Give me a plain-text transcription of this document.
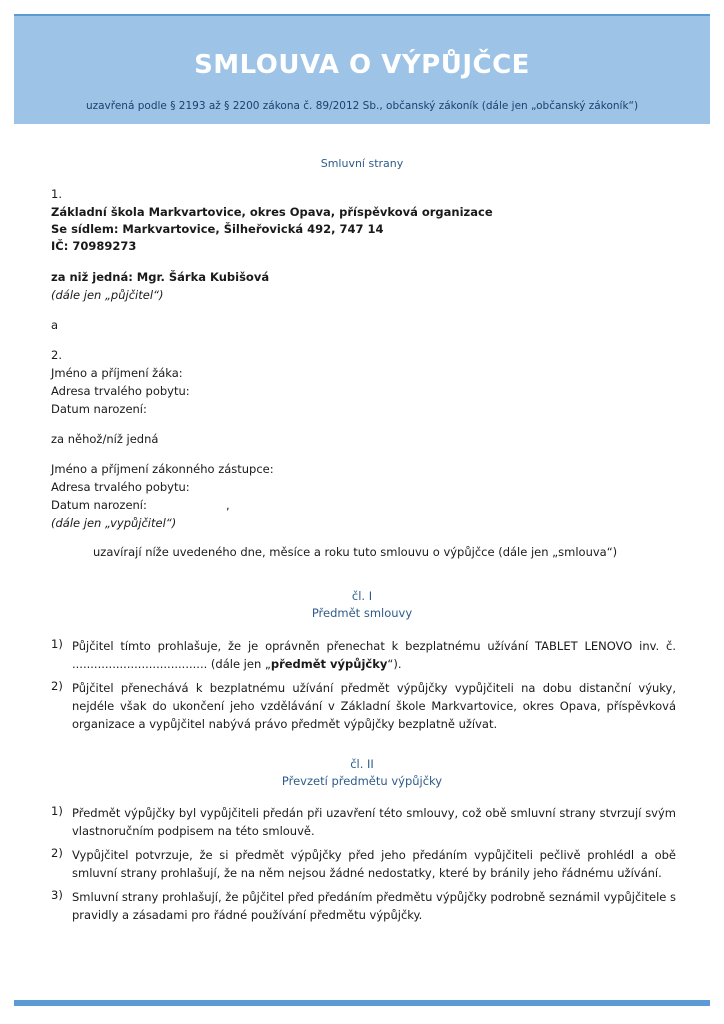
SMLOUVA O VÝPŮJČCE
uzavřená podle § 2193 až § 2200 zákona č. 89/2012 Sb., občanský zákoník (dále jen „občanský zákoník“)
Smluvní strany
1.
Základní škola Markvartovice, okres Opava, příspěvková organizace
Se sídlem: Markvartovice, Šilheřovická 492, 747 14
IČ: 70989273
za niž jedná: Mgr. Šárka Kubišová
(dále jen „půjčitel“)
a
2.
Jméno a příjmení žáka:
Adresa trvalého pobytu:
Datum narození:
za něhož/níž jedná
Jméno a příjmení zákonného zástupce:
Adresa trvalého pobytu:
Datum narození:	,
(dále jen „vypůjčitel“)
uzavírají níže uvedeného dne, měsíce a roku tuto smlouvu o výpůjčce (dále jen „smlouva“)
čl. I
Předmět smlouvy
1) Půjčitel tímto prohlašuje, že je oprávněn přenechat k bezplatnému užívání TABLET LENOVO inv. č.
..................................... (dále jen „předmět výpůjčky“).
2) Půjčitel přenechává k bezplatnému užívání předmět výpůjčky vypůjčiteli na dobu distanční výuky, nejdéle však do ukončení jeho vzdělávání v Základní škole Markvartovice, okres Opava, příspěvková organizace a vypůjčitel nabývá právo předmět výpůjčky bezplatně užívat.
čl. II
Převzetí předmětu výpůjčky
1) Předmět výpůjčky byl vypůjčiteli předán při uzavření této smlouvy, což obě smluvní strany stvrzují svým vlastnoručním podpisem na této smlouvě.
2) Vypůjčitel potvrzuje, že si předmět výpůjčky před jeho předáním vypůjčiteli pečlivě prohlédl a obě smluvní strany prohlašují, že na něm nejsou žádné nedostatky, které by bránily jeho řádnému užívání.
3) Smluvní strany prohlašují, že půjčitel před předáním předmětu výpůjčky podrobně seznámil vypůjčitele s pravidly a zásadami pro řádné používání předmětu výpůjčky.
